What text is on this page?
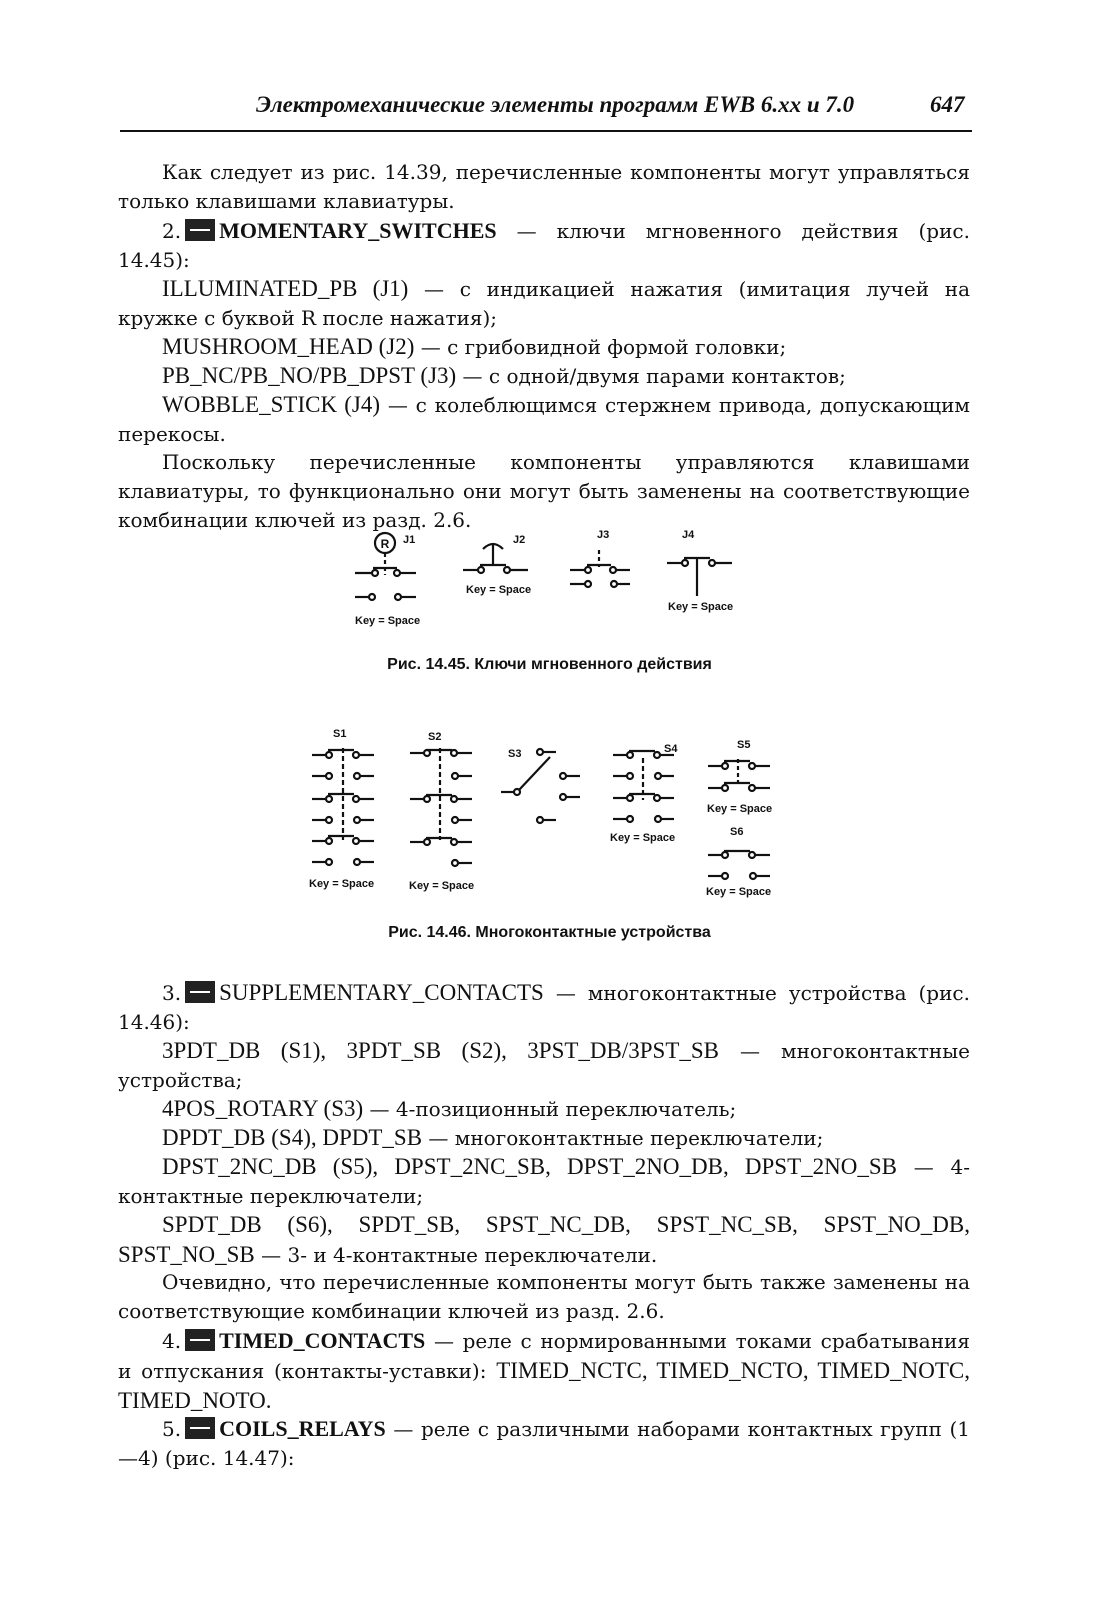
Электромеханические элементы программ EWB 6.xx и 7.0	647

Как следует из рис. 14.39, перечисленные компоненты могут управляться только клавишами клавиатуры.

2. MOMENTARY_SWITCHES — ключи мгновенного действия (рис. 14.45):

ILLUMINATED_PB (J1) — с индикацией нажатия (имитация лучей на кружке с буквой R после нажатия);

MUSHROOM_HEAD (J2) — с грибовидной формой головки;

PB_NC/PB_NO/PB_DPST (J3) — с одной/двумя парами контактов;

WOBBLE_STICK (J4) — с колеблющимся стержнем привода, допускающим перекосы.

Поскольку перечисленные компоненты управляются клавишами клавиатуры, то функционально они могут быть заменены на соответствующие комбинации ключей из разд. 2.6.

R J1
Key = Space
J2
Key = Space
J3	J4
Key = Space
Рис. 14.45. Ключи мгновенного действия
S1
Key = Space
S2
Key = Space
S3	S4
Key = Space
S5
Key = Space
S6
Key = Space
Рис. 14.46. Многоконтактные устройства

3. SUPPLEMENTARY_CONTACTS — многоконтактные устройства (рис. 14.46):

3PDT_DB (S1), 3PDT_SB (S2), 3PST_DB/3PST_SB — многоконтактные устройства;

4POS_ROTARY (S3) — 4-позиционный переключатель;

DPDT_DB (S4), DPDT_SB — многоконтактные переключатели;

DPST_2NC_DB (S5), DPST_2NC_SB, DPST_2NO_DB, DPST_2NO_SB — 4-контактные переключатели;

SPDT_DB (S6), SPDT_SB, SPST_NC_DB, SPST_NC_SB, SPST_NO_DB, SPST_NO_SB — 3- и 4-контактные переключатели.

Очевидно, что перечисленные компоненты могут быть также заменены на соответствующие комбинации ключей из разд. 2.6.

4. TIMED_CONTACTS — реле с нормированными токами срабатывания и отпускания (контакты-уставки): TIMED_NCTC, TIMED_NCTO, TIMED_NOTC, TIMED_NOTO.

5. COILS_RELAYS — реле с различными наборами контактных групп (1—4) (рис. 14.47):
